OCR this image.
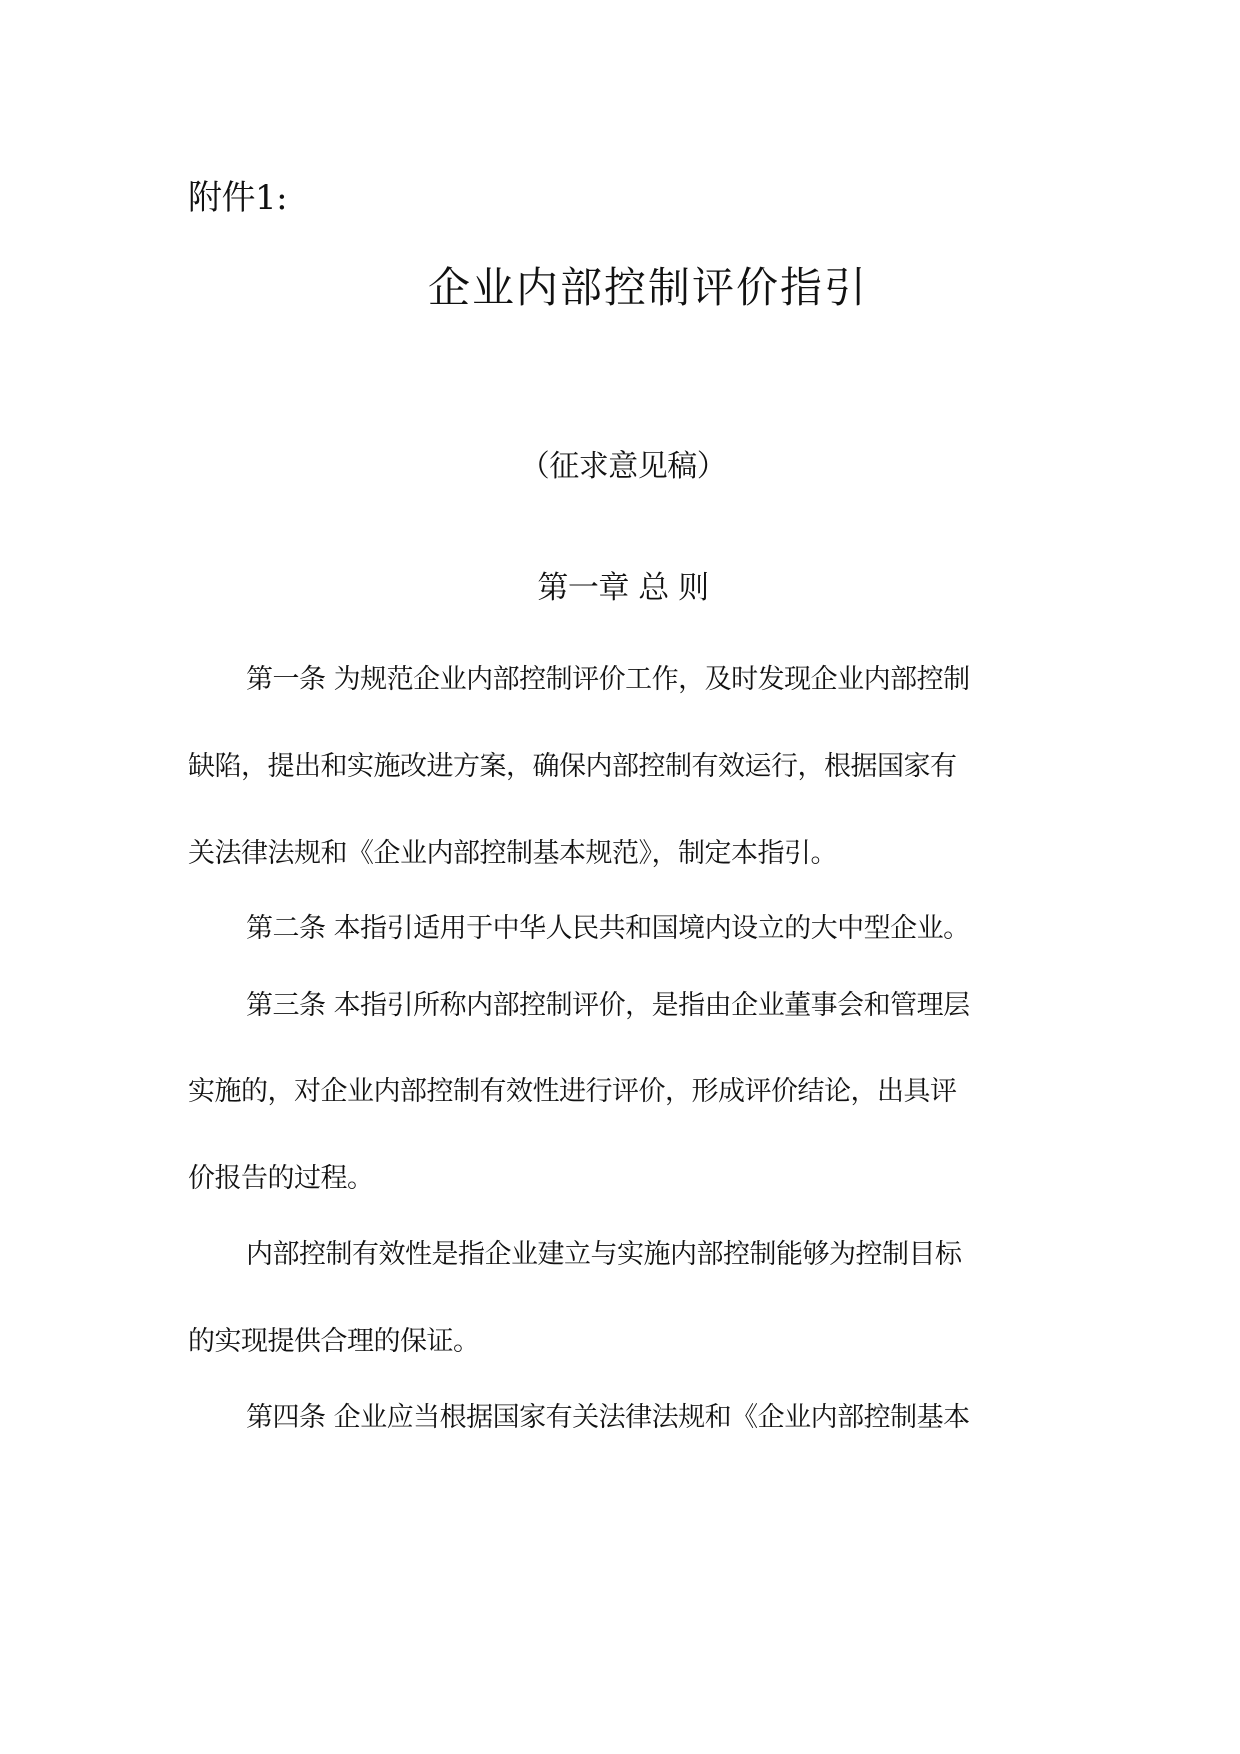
附件1:
企业内部控制评价指引
（征求意见稿）
第一章 总 则
第一条 为规范企业内部控制评价工作，及时发现企业内部控制
缺陷，提出和实施改进方案，确保内部控制有效运行，根据国家有
关法律法规和《企业内部控制基本规范》，制定本指引。
第二条 本指引适用于中华人民共和国境内设立的大中型企业。
第三条 本指引所称内部控制评价，是指由企业董事会和管理层
实施的，对企业内部控制有效性进行评价，形成评价结论，出具评
价报告的过程。
内部控制有效性是指企业建立与实施内部控制能够为控制目标
的实现提供合理的保证。
第四条 企业应当根据国家有关法律法规和《企业内部控制基本
